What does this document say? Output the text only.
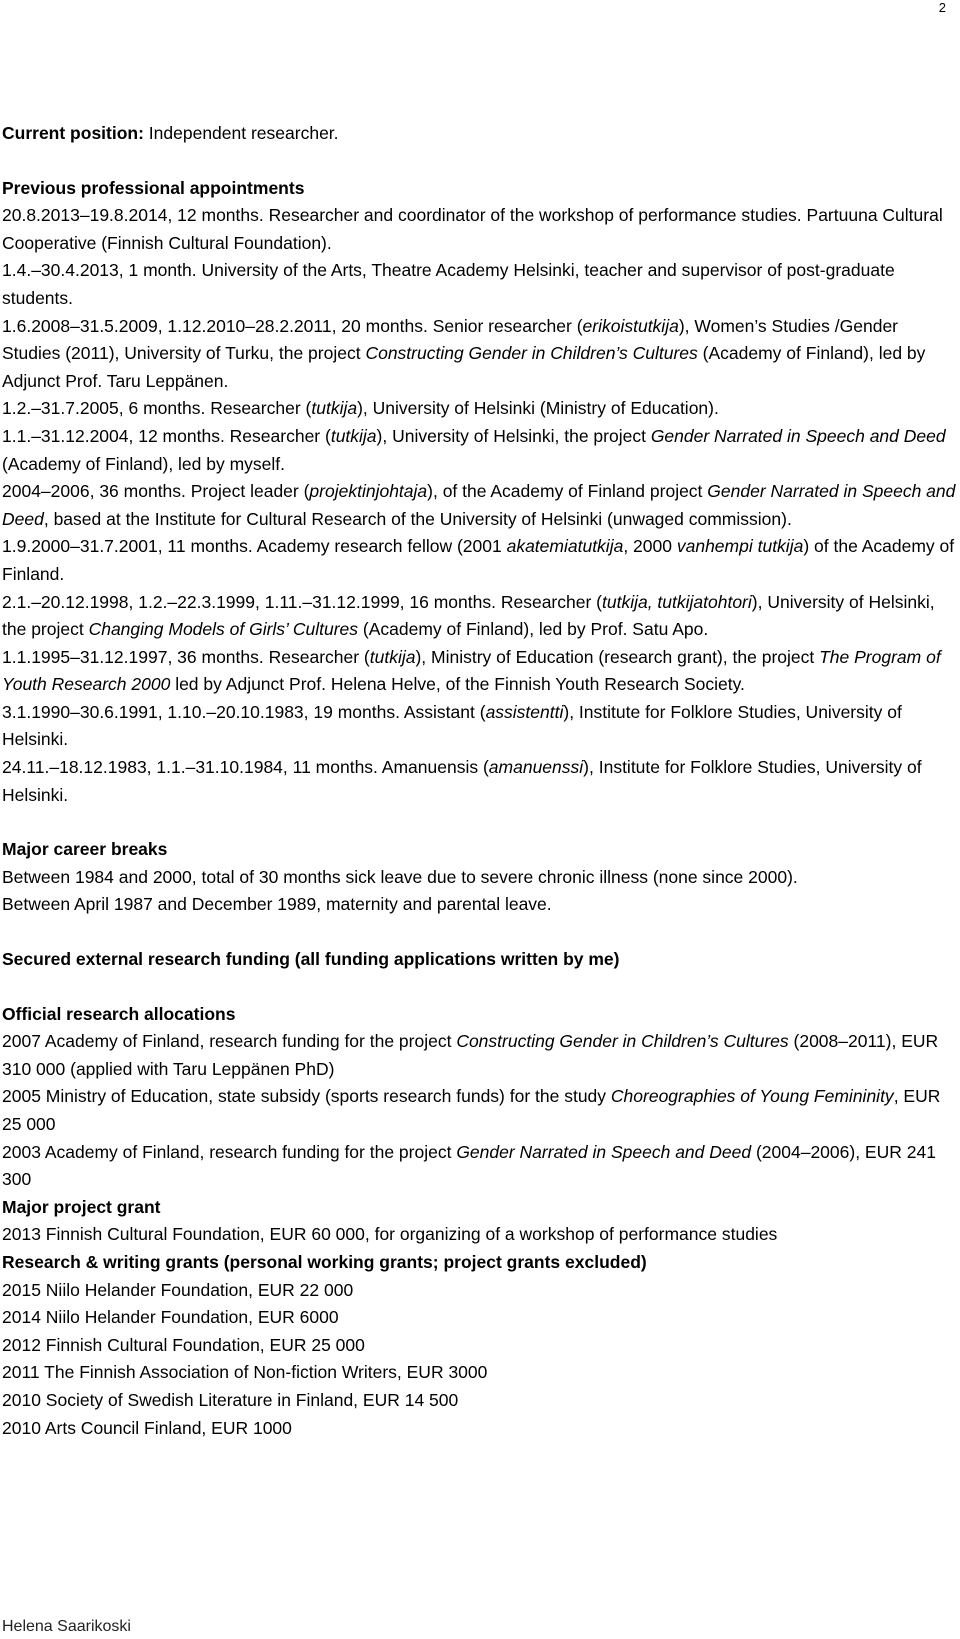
2

Current position: Independent researcher.

Previous professional appointments
20.8.2013–19.8.2014, 12 months. Researcher and coordinator of the workshop of performance studies. Partuuna Cultural Cooperative (Finnish Cultural Foundation).
1.4.–30.4.2013, 1 month. University of the Arts, Theatre Academy Helsinki, teacher and supervisor of post-graduate students.
1.6.2008–31.5.2009, 1.12.2010–28.2.2011, 20 months. Senior researcher (erikoistutkija), Women’s Studies /Gender Studies (2011), University of Turku, the project Constructing Gender in Children’s Cultures (Academy of Finland), led by Adjunct Prof. Taru Leppänen.
1.2.–31.7.2005, 6 months. Researcher (tutkija), University of Helsinki (Ministry of Education).
1.1.–31.12.2004, 12 months. Researcher (tutkija), University of Helsinki, the project Gender Narrated in Speech and Deed (Academy of Finland), led by myself.
2004–2006, 36 months. Project leader (projektinjohtaja), of the Academy of Finland project Gender Narrated in Speech and Deed, based at the Institute for Cultural Research of the University of Helsinki (unwaged commission).
1.9.2000–31.7.2001, 11 months. Academy research fellow (2001 akatemiatutkija, 2000 vanhempi tutkija) of the Academy of Finland.
2.1.–20.12.1998, 1.2.–22.3.1999, 1.11.–31.12.1999, 16 months. Researcher (tutkija, tutkijatohtori), University of Helsinki, the project Changing Models of Girls’ Cultures (Academy of Finland), led by Prof. Satu Apo.
1.1.1995–31.12.1997, 36 months. Researcher (tutkija), Ministry of Education (research grant), the project The Program of Youth Research 2000 led by Adjunct Prof. Helena Helve, of the Finnish Youth Research Society.
3.1.1990–30.6.1991, 1.10.–20.10.1983, 19 months. Assistant (assistentti), Institute for Folklore Studies, University of Helsinki.
24.11.–18.12.1983, 1.1.–31.10.1984, 11 months. Amanuensis (amanuenssi), Institute for Folklore Studies, University of Helsinki.
Major career breaks
Between 1984 and 2000, total of 30 months sick leave due to severe chronic illness (none since 2000).
Between April 1987 and December 1989, maternity and parental leave.
Secured external research funding (all funding applications written by me)
Official research allocations
2007 Academy of Finland, research funding for the project Constructing Gender in Children’s Cultures (2008–2011), EUR 310 000 (applied with Taru Leppänen PhD)
2005 Ministry of Education, state subsidy (sports research funds) for the study Choreographies of Young Femininity, EUR 25 000
2003 Academy of Finland, research funding for the project Gender Narrated in Speech and Deed (2004–2006), EUR 241 300
Major project grant
2013 Finnish Cultural Foundation, EUR 60 000, for organizing of a workshop of performance studies
Research & writing grants (personal working grants; project grants excluded)
2015 Niilo Helander Foundation, EUR 22 000
2014 Niilo Helander Foundation, EUR 6000
2012 Finnish Cultural Foundation, EUR 25 000
2011 The Finnish Association of Non-fiction Writers, EUR 3000
2010 Society of Swedish Literature in Finland, EUR 14 500
2010 Arts Council Finland, EUR 1000
Helena Saarikoski
